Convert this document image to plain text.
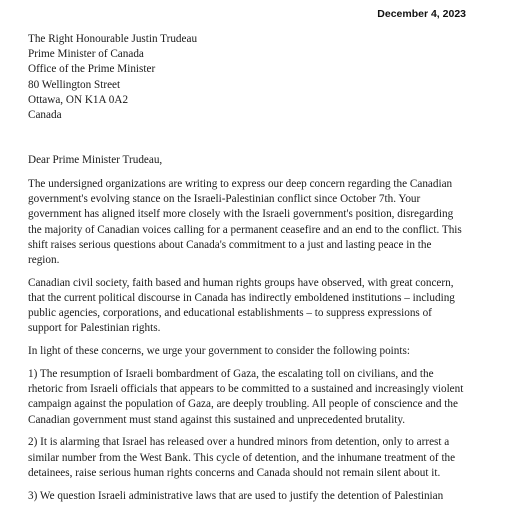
December 4, 2023
The Right Honourable Justin Trudeau
Prime Minister of Canada
Office of the Prime Minister
80 Wellington Street
Ottawa, ON K1A 0A2
Canada
Dear Prime Minister Trudeau,
The undersigned organizations are writing to express our deep concern regarding the Canadian
government's evolving stance on the Israeli-Palestinian conflict since October 7th. Your
government has aligned itself more closely with the Israeli government's position, disregarding
the majority of Canadian voices calling for a permanent ceasefire and an end to the conflict. This
shift raises serious questions about Canada's commitment to a just and lasting peace in the
region.
Canadian civil society, faith based and human rights groups have observed, with great concern,
that the current political discourse in Canada has indirectly emboldened institutions – including
public agencies, corporations, and educational establishments – to suppress expressions of
support for Palestinian rights.
In light of these concerns, we urge your government to consider the following points:
1) The resumption of Israeli bombardment of Gaza, the escalating toll on civilians, and the
rhetoric from Israeli officials that appears to be committed to a sustained and increasingly violent
campaign against the population of Gaza, are deeply troubling. All people of conscience and the
Canadian government must stand against this sustained and unprecedented brutality.
2) It is alarming that Israel has released over a hundred minors from detention, only to arrest a
similar number from the West Bank. This cycle of detention, and the inhumane treatment of the
detainees, raise serious human rights concerns and Canada should not remain silent about it.
3) We question Israeli administrative laws that are used to justify the detention of Palestinian
